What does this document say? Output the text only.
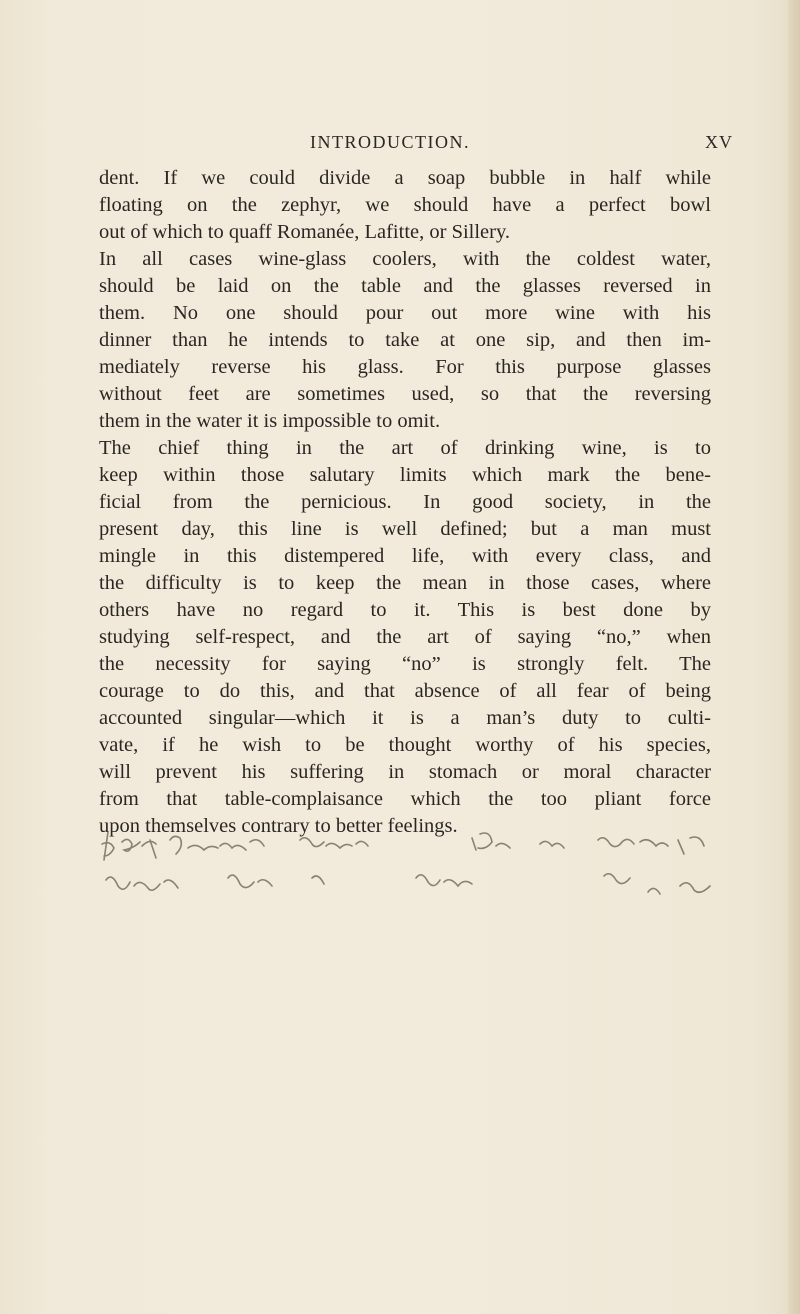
INTRODUCTION.	XV
dent. If we could divide a soap bubble in half while
floating on the zephyr, we should have a perfect bowl
out of which to quaff Romanée, Lafitte, or Sillery.
In all cases wine-glass coolers, with the coldest water,
should be laid on the table and the glasses reversed in
them. No one should pour out more wine with his
dinner than he intends to take at one sip, and then im-
mediately reverse his glass. For this purpose glasses
without feet are sometimes used, so that the reversing
them in the water it is impossible to omit.
The chief thing in the art of drinking wine, is to
keep within those salutary limits which mark the bene-
ficial from the pernicious. In good society, in the
present day, this line is well defined; but a man must
mingle in this distempered life, with every class, and
the difficulty is to keep the mean in those cases, where
others have no regard to it. This is best done by
studying self-respect, and the art of saying “no,” when
the necessity for saying “no” is strongly felt. The
courage to do this, and that absence of all fear of being
accounted singular—which it is a man’s duty to culti-
vate, if he wish to be thought worthy of his species,
will prevent his suffering in stomach or moral character
from that table-complaisance which the too pliant force
upon themselves contrary to better feelings.
